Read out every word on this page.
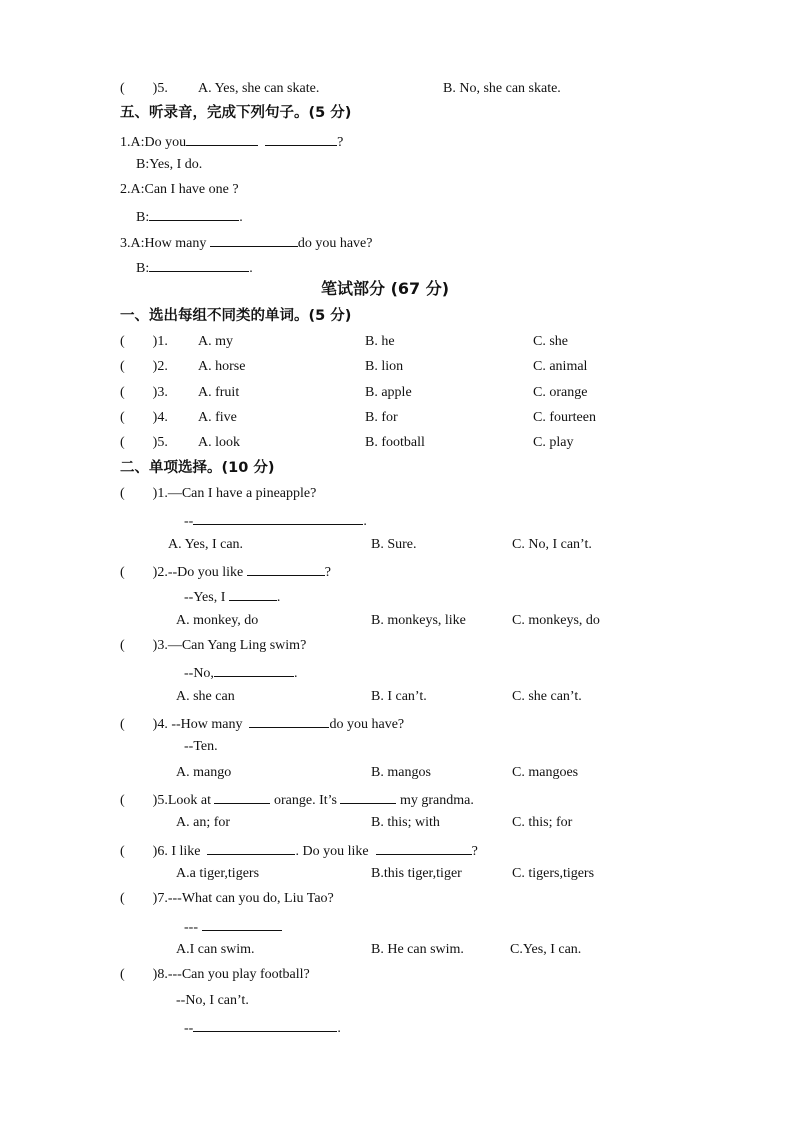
(　　)5. A. Yes, she can skate.	B. No, she can skate.
五、听录音，完成下列句子。(5 分)
1.A:Do you	?
B:Yes, I do.
2.A:Can I have one ?
B:	.
3.A:How many	do you have?
B:	.
笔试部分 (67 分)
一、选出每组不同类的单词。(5 分)
(　　)1. A. my	B. he	C. she
(　　)2. A. horse	B. lion	C. animal
(　　)3. A. fruit	B. apple	C. orange
(　　)4. A. five	B. for	C. fourteen
(　　)5. A. look	B. football	C. play
二、单项选择。(10 分)
(　　)1.—Can I have a pineapple?
--	.
A. Yes, I can.	B. Sure.	C. No, I can’t.
(　　)2.--Do you like	?
--Yes, I	.
A. monkey, do	B. monkeys, like	C. monkeys, do
(　　)3.—Can Yang Ling swim?
--No,	.
A. she can	B. I can’t.	C. she can’t.
(　　)4. --How many	do you have?
--Ten.
A. mango	B. mangos	C. mangoes
(　　)5.Look at	orange. It’s	my grandma.
A. an; for	B. this; with	C. this; for
(　　)6. I like	. Do you like	?
A.a tiger,tigers	B.this tiger,tiger	C. tigers,tigers
(　　)7.---What can you do, Liu Tao?
---
A.I can swim.	B. He can swim.	C.Yes, I can.
(　　)8.---Can you play football?
--No, I can’t.
--	.
